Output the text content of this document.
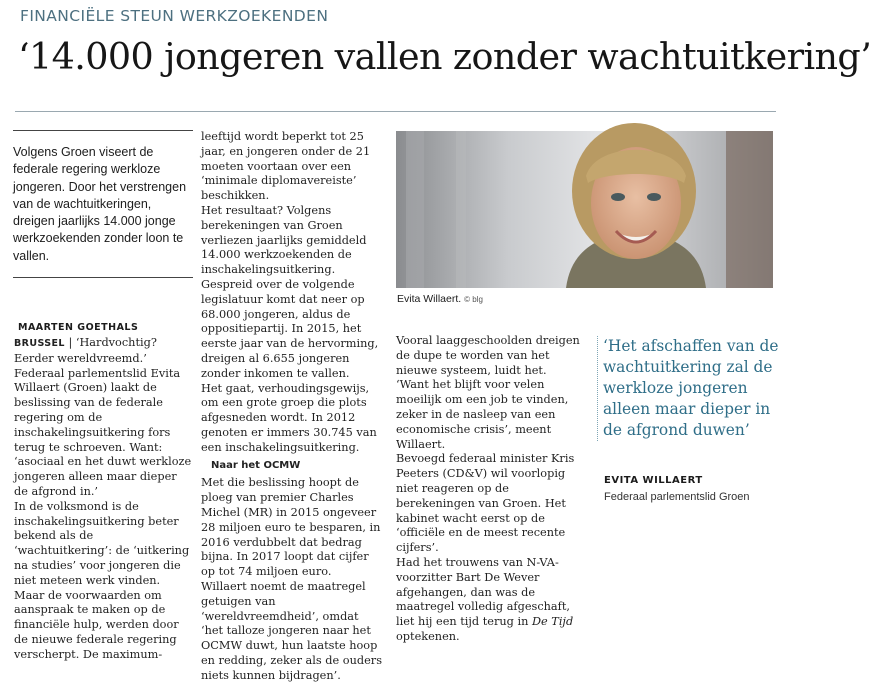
FINANCIËLE STEUN WERKZOEKENDEN
‘14.000 jongeren vallen zonder wachtuitkering’
Volgens Groen viseert de federale regering werkloze jongeren. Door het verstrengen van de wachtuitkeringen, dreigen jaarlijks 14.000 jonge werkzoekenden zonder loon te vallen.
MAARTEN GOETHALS

BRUSSEL | ‘Hardvochtig? Eerder wereldvreemd.’ Federaal parlementslid Evita Willaert (Groen) laakt de beslissing van de federale regering om de inschakelingsuitkering fors terug te schroeven. Want: ‘asociaal en het duwt werkloze jongeren alleen maar dieper de afgrond in.’

In de volksmond is de inschakelingsuitkering beter bekend als de ‘wachtuitkering’: de ‘uitkering na studies’ voor jongeren die niet meteen werk vinden. Maar de voorwaarden om aanspraak te maken op de financiële hulp, werden door de nieuwe federale regering verscherpt. De maximum-

leeftijd wordt beperkt tot 25 jaar, en jongeren onder de 21 moeten voortaan over een ‘minimale diplomavereiste’ beschikken.

Het resultaat? Volgens berekeningen van Groen verliezen jaarlijks gemiddeld 14.000 werkzoekenden de inschakelingsuitkering. Gespreid over de volgende legislatuur komt dat neer op 68.000 jongeren, aldus de oppositiepartij. In 2015, het eerste jaar van de hervorming, dreigen al 6.655 jongeren zonder inkomen te vallen.

Het gaat, verhoudingsgewijs, om een grote groep die plots afgesneden wordt. In 2012 genoten er immers 30.745 van een inschakelingsuitkering.

Naar het OCMW

Met die beslissing hoopt de ploeg van premier Charles Michel (MR) in 2015 ongeveer 28 miljoen euro te besparen, in 2016 verdubbelt dat bedrag bijna. In 2017 loopt dat cijfer op tot 74 miljoen euro.

Willaert noemt de maatregel getuigen van ‘wereldvreemdheid’, omdat ‘het talloze jongeren naar het OCMW duwt, hun laatste hoop en redding, zeker als de ouders niets kunnen bijdragen’.

Evita Willaert. © blg

Vooral laaggeschoolden dreigen de dupe te worden van het nieuwe systeem, luidt het. ‘Want het blijft voor velen moeilijk om een job te vinden, zeker in de nasleep van een economische crisis’, meent Willaert.

Bevoegd federaal minister Kris Peeters (CD&V) wil voorlopig niet reageren op de berekeningen van Groen. Het kabinet wacht eerst op de ‘officiële en de meest recente cijfers’.

Had het trouwens van N-VA-voorzitter Bart De Wever afgehangen, dan was de maatregel volledig afgeschaft, liet hij een tijd terug in De Tijd optekenen.

‘Het afschaffen van de wachtuitkering zal de werkloze jongeren alleen maar dieper in de afgrond duwen’
EVITA WILLAERT
Federaal parlementslid Groen
